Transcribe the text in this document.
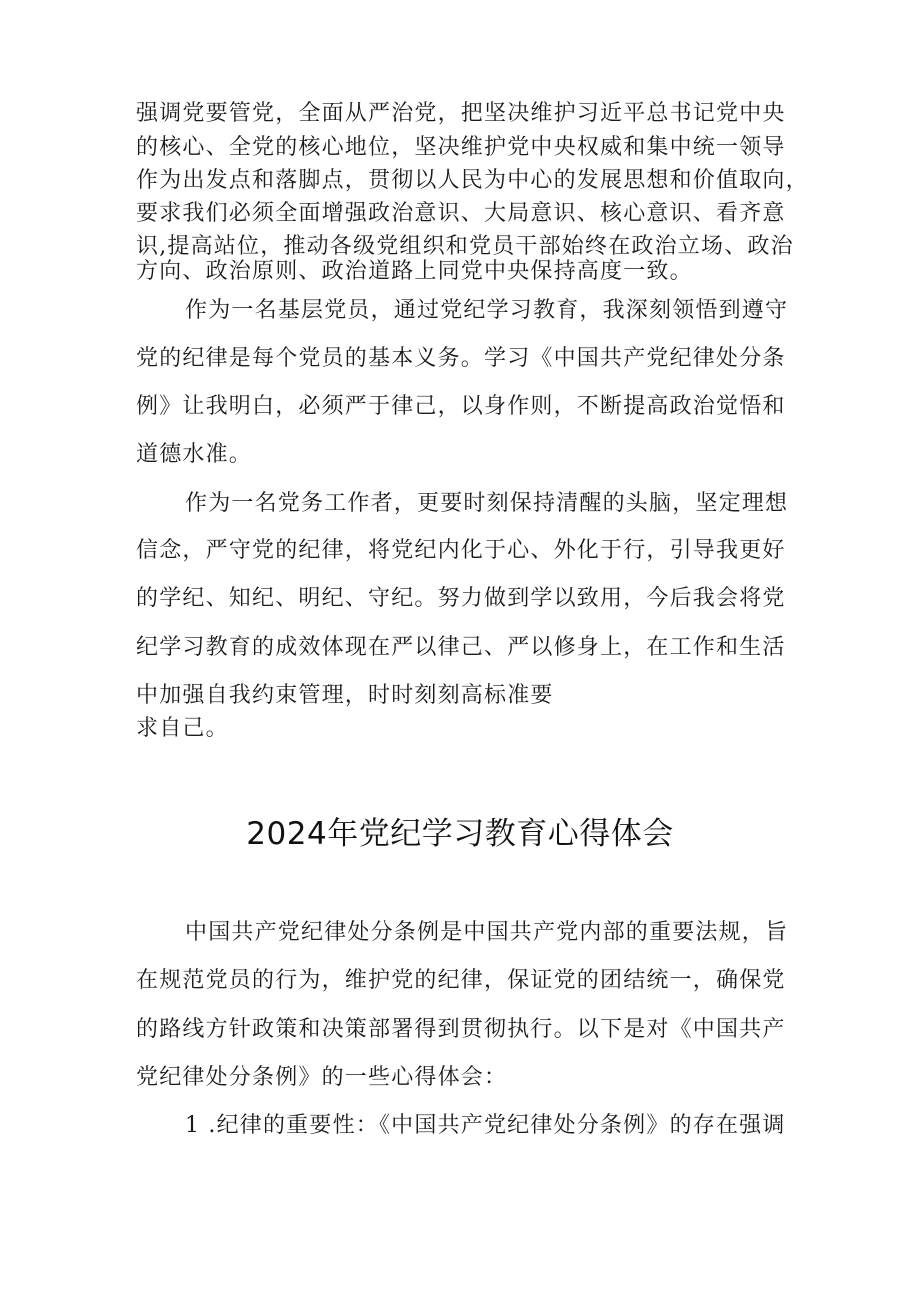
强调党要管党，全面从严治党，把坚决维护习近平总书记党中央
的核心、全党的核心地位，坚决维护党中央权威和集中统一领导
作为出发点和落脚点，贯彻以人民为中心的发展思想和价值取向，
要求我们必须全面增强政治意识、大局意识、核心意识、看齐意
识,提高站位，推动各级党组织和党员干部始终在政治立场、政治
方向、政治原则、政治道路上同党中央保持高度一致。
作为一名基层党员，通过党纪学习教育，我深刻领悟到遵守
党的纪律是每个党员的基本义务。学习《中国共产党纪律处分条
例》让我明白，必须严于律己，以身作则，不断提高政治觉悟和
道德水准。
作为一名党务工作者，更要时刻保持清醒的头脑，坚定理想
信念，严守党的纪律，将党纪内化于心、外化于行，引导我更好
的学纪、知纪、明纪、守纪。努力做到学以致用，今后我会将党
纪学习教育的成效体现在严以律己、严以修身上，在工作和生活
中加强自我约束管理，时时刻刻高标准要
求自己。
2024年党纪学习教育心得体会
中国共产党纪律处分条例是中国共产党内部的重要法规，旨
在规范党员的行为，维护党的纪律，保证党的团结统一，确保党
的路线方针政策和决策部署得到贯彻执行。以下是对《中国共产
党纪律处分条例》的一些心得体会：
1 .纪律的重要性：《中国共产党纪律处分条例》的存在强调
